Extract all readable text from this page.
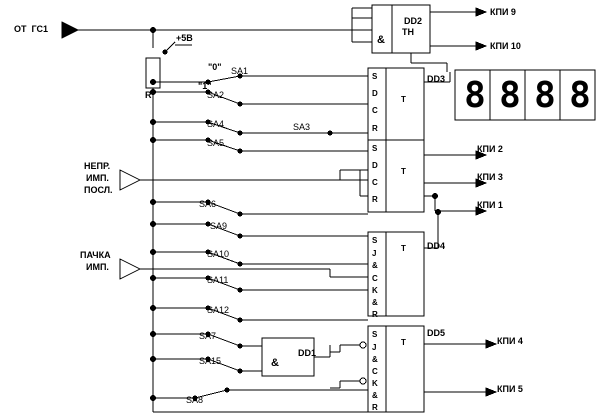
ОТ  ГС1
+5В
R
"0"
"1"
SA1
SA2
SA3
SA4
SA5
SA6
SA9
SA10
SA11
SA12
SA7
SA15
SA8
DD2
ТН
DD3
DD4
DD5
DD1
&
&
S
D
C
R
T
S
D
C
R
T
S
J
&
C
K
&
R
T
S
J
&
C
K
&
R
T
НЕПР.
ИМП.
ПОСЛ.
ПАЧКА
ИМП.
КПИ 9
КПИ 10
КПИ 2
КПИ 3
КПИ 1
КПИ 4
КПИ 5
8 8 8 8
